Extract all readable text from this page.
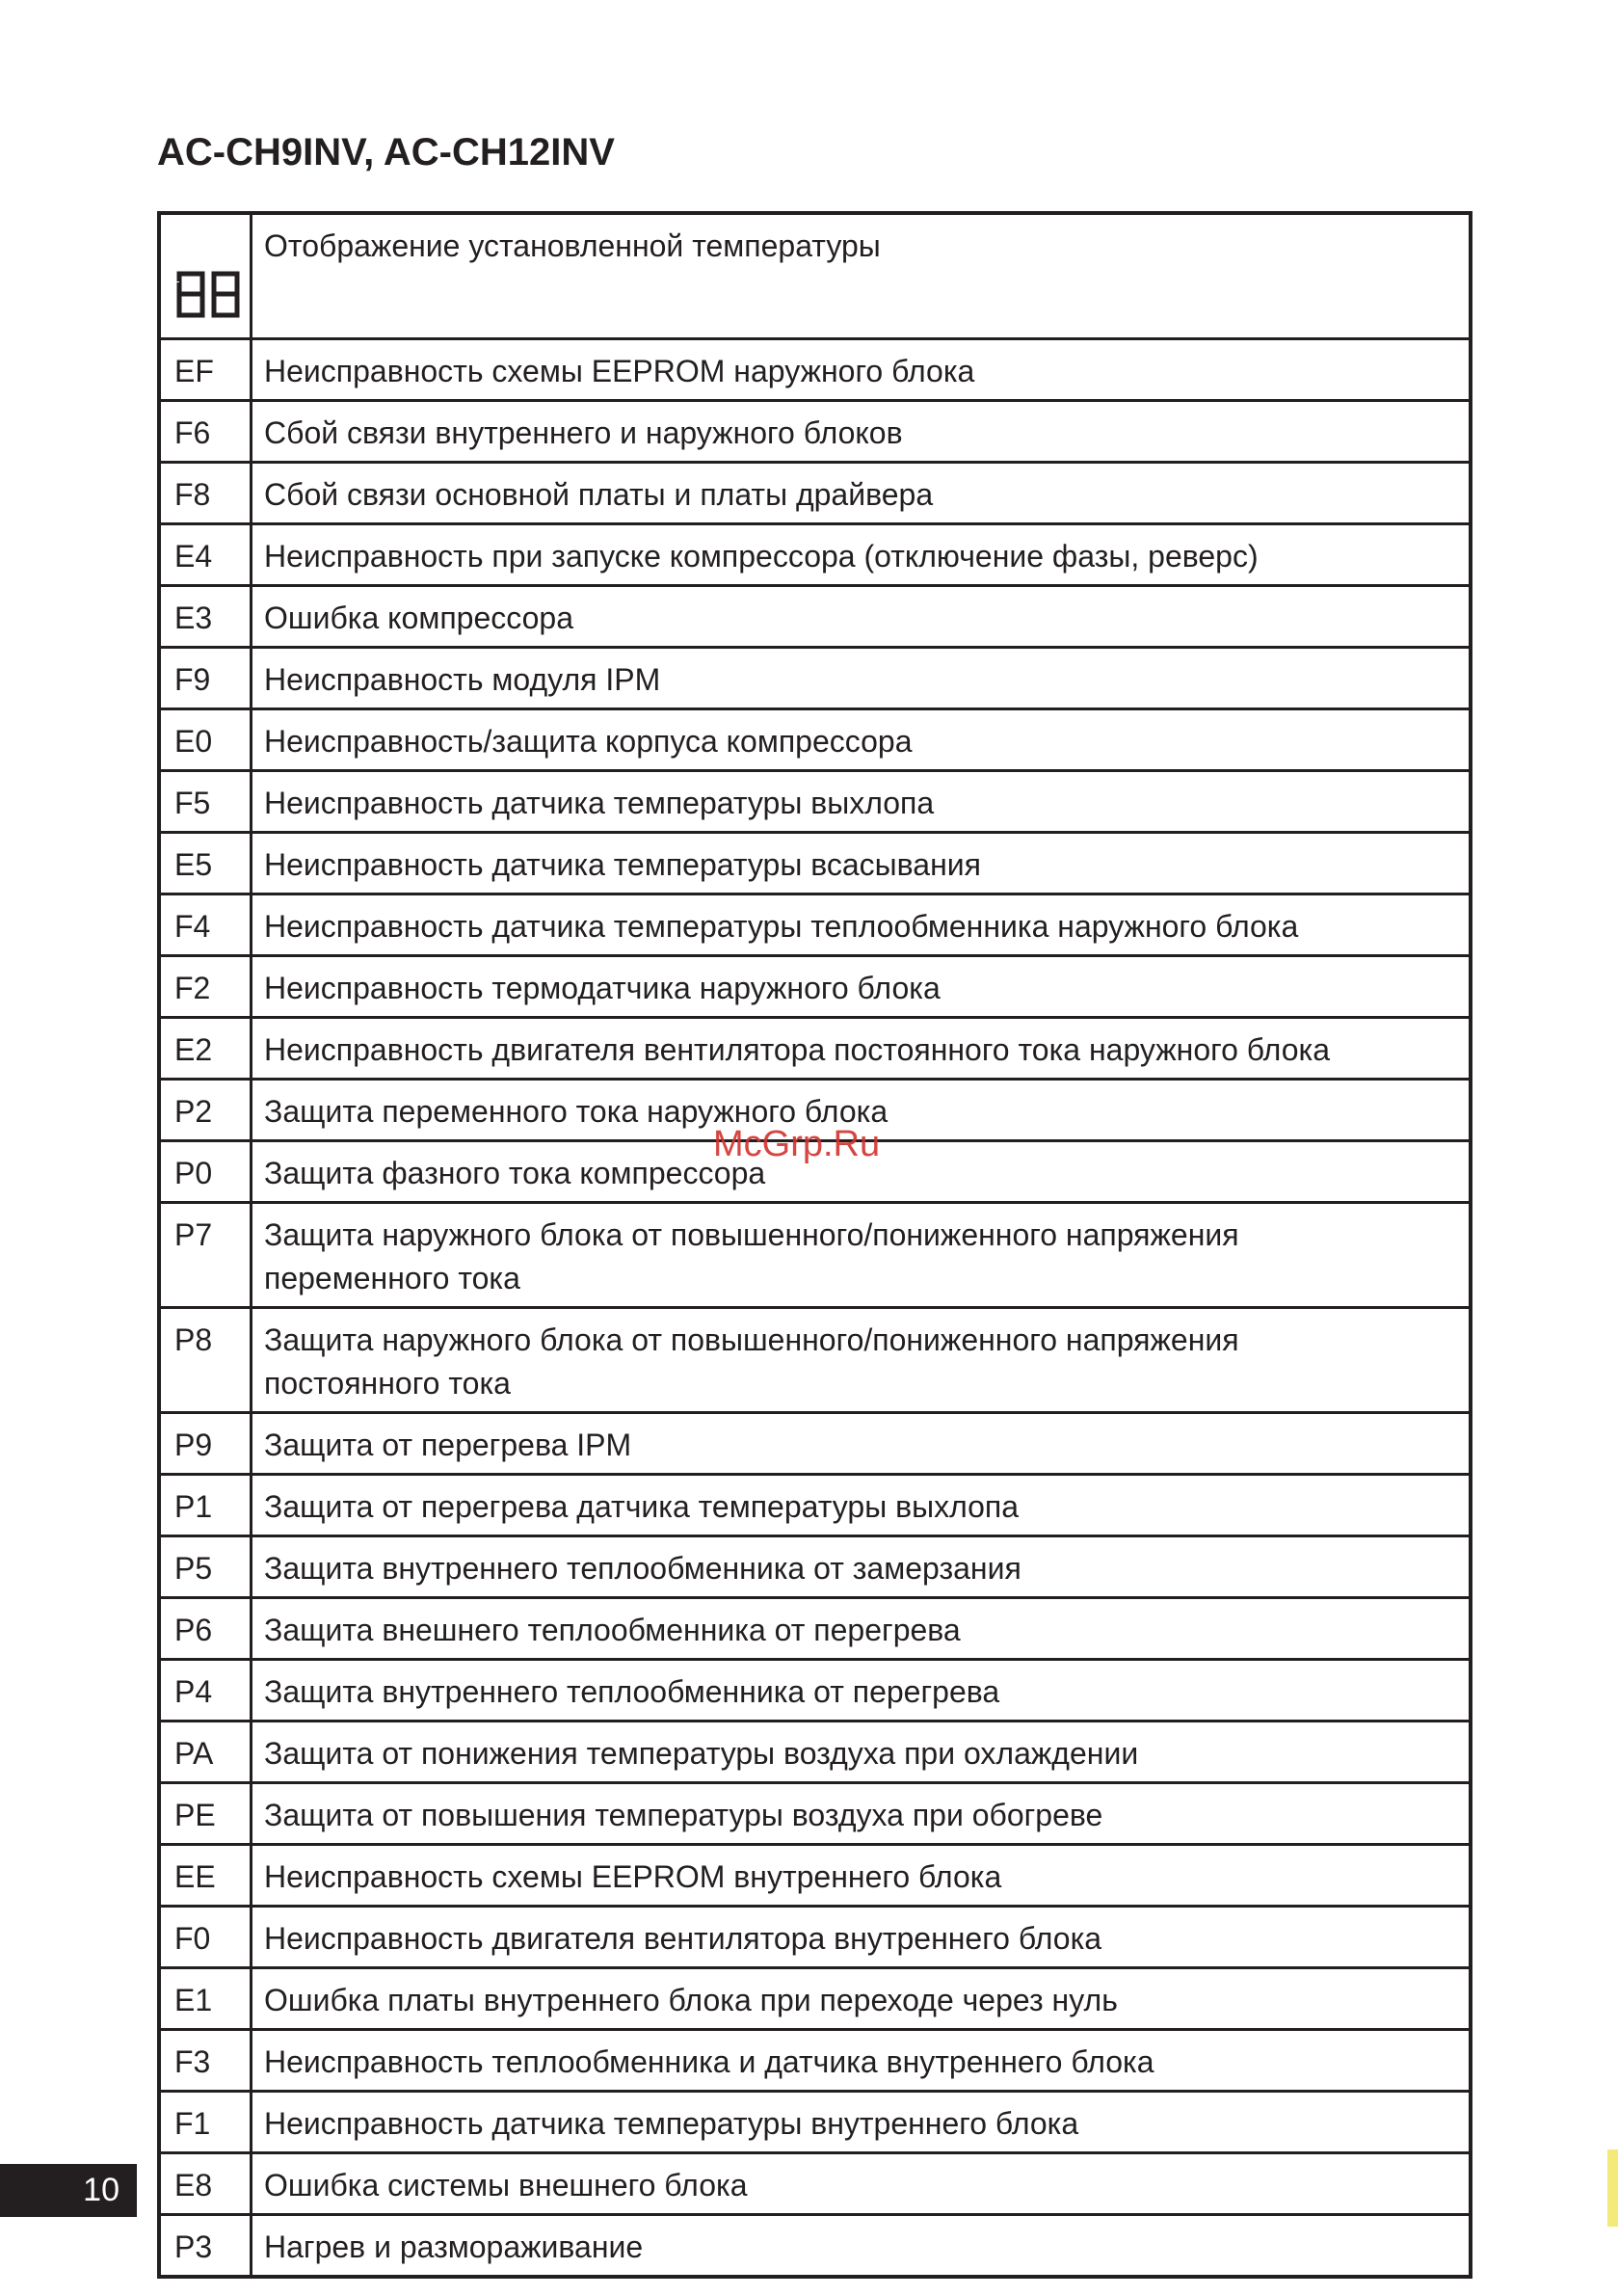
AC-CH9INV, AC-CH12INV

	Отображение установленной температуры
EF	Неисправность схемы EEPROM наружного блока
F6	Сбой связи внутреннего и наружного блоков
F8	Сбой связи основной платы и платы драйвера
E4	Неисправность при запуске компрессора (отключение фазы, реверс)
E3	Ошибка компрессора
F9	Неисправность модуля IPM
E0	Неисправность/защита корпуса компрессора
F5	Неисправность датчика температуры выхлопа
E5	Неисправность датчика температуры всасывания
F4	Неисправность датчика температуры теплообменника наружного блока
F2	Неисправность термодатчика наружного блока
E2	Неисправность двигателя вентилятора постоянного тока наружного блока
P2	Защита переменного тока наружного блока
P0	Защита фазного тока компрессора
P7	Защита наружного блока от повышенного/пониженного напряжения
переменного тока
P8	Защита наружного блока от повышенного/пониженного напряжения
постоянного тока
P9	Защита от перегрева IPM
P1	Защита от перегрева датчика температуры выхлопа
P5	Защита внутреннего теплообменника от замерзания
P6	Защита внешнего теплообменника от перегрева
P4	Защита внутреннего теплообменника от перегрева
PA	Защита от понижения температуры воздуха при охлаждении
PE	Защита от повышения температуры воздуха при обогреве
EE	Неисправность схемы EEPROM внутреннего блока
F0	Неисправность двигателя вентилятора внутреннего блока
E1	Ошибка платы внутреннего блока при переходе через нуль
F3	Неисправность теплообменника и датчика внутреннего блока
F1	Неисправность датчика температуры внутреннего блока
E8	Ошибка системы внешнего блока
P3	Нагрев и размораживание
McGrp.Ru
10
